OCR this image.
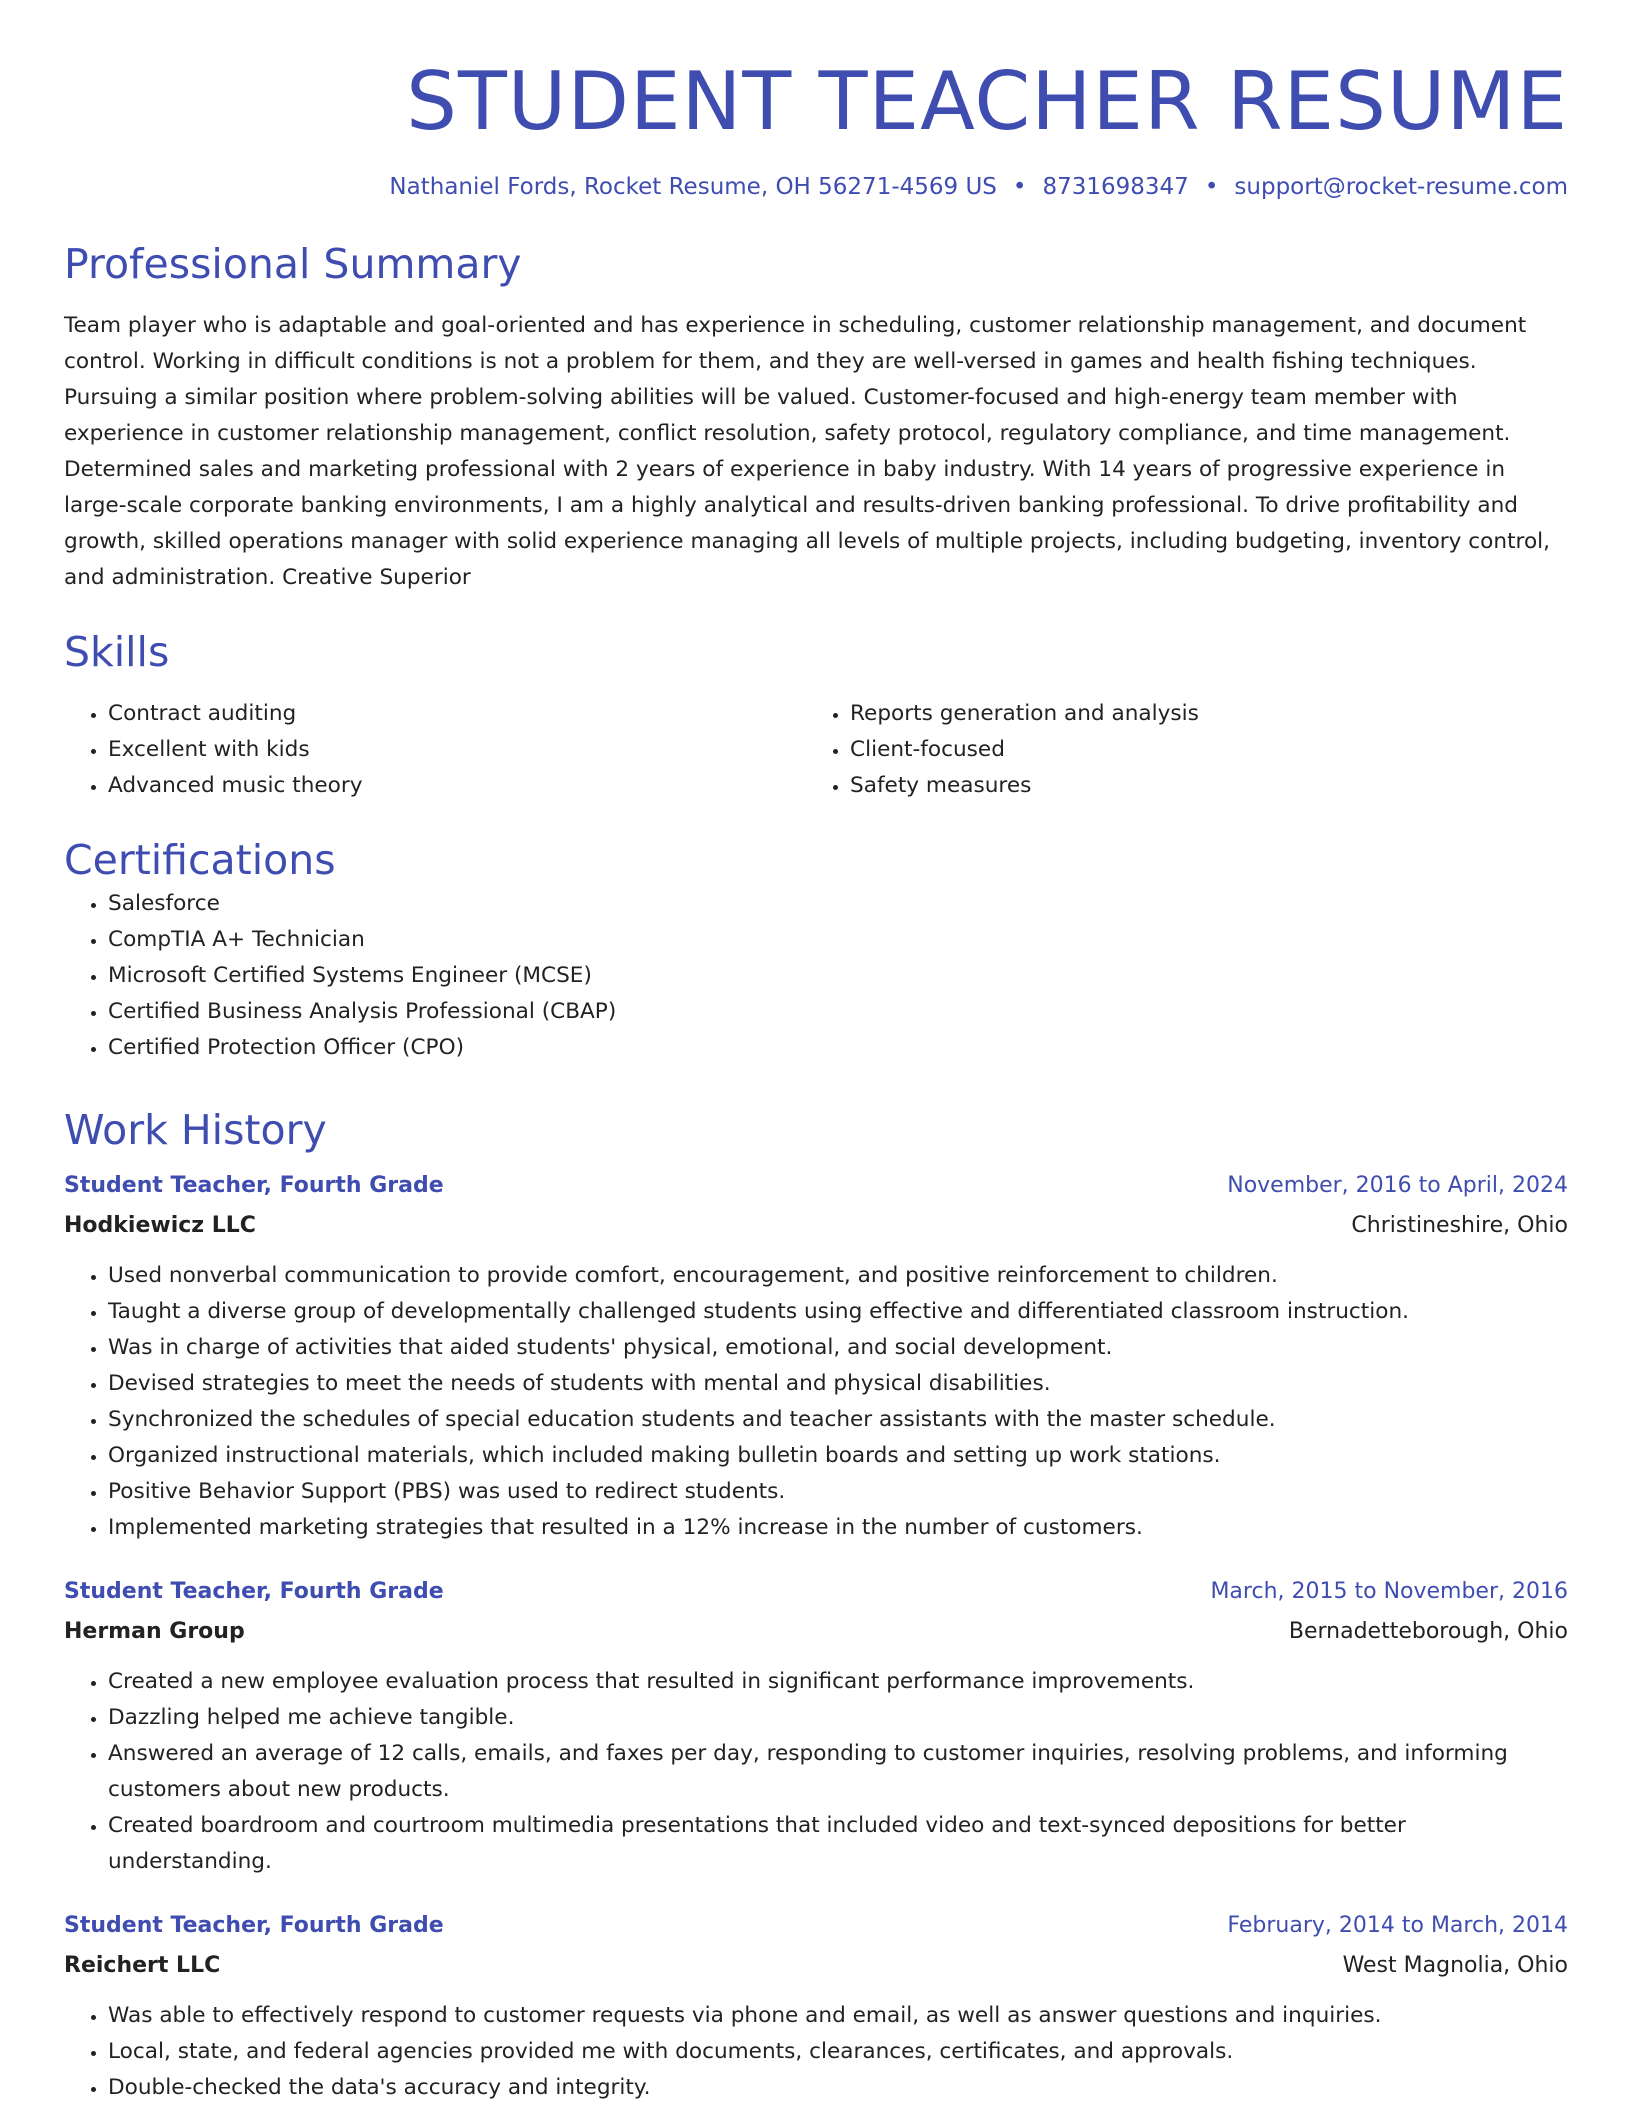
STUDENT TEACHER RESUME
Nathaniel Fords, Rocket Resume, OH 56271-4569 US • 8731698347 • support@rocket-resume.com
Professional Summary
Team player who is adaptable and goal-oriented and has experience in scheduling, customer relationship management, and document control. Working in difficult conditions is not a problem for them, and they are well-versed in games and health fishing techniques. Pursuing a similar position where problem-solving abilities will be valued. Customer-focused and high-energy team member with experience in customer relationship management, conflict resolution, safety protocol, regulatory compliance, and time management. Determined sales and marketing professional with 2 years of experience in baby industry. With 14 years of progressive experience in large-scale corporate banking environments, I am a highly analytical and results-driven banking professional. To drive profitability and growth, skilled operations manager with solid experience managing all levels of multiple projects, including budgeting, inventory control, and administration. Creative Superior
Skills
• Contract auditing
• Excellent with kids
• Advanced music theory
• Reports generation and analysis
• Client-focused
• Safety measures
Certifications
• Salesforce
• CompTIA A+ Technician
• Microsoft Certified Systems Engineer (MCSE)
• Certified Business Analysis Professional (CBAP)
• Certified Protection Officer (CPO)
Work History
Student Teacher, Fourth Grade	November, 2016 to April, 2024
Hodkiewicz LLC	Christineshire, Ohio
• Used nonverbal communication to provide comfort, encouragement, and positive reinforcement to children.
• Taught a diverse group of developmentally challenged students using effective and differentiated classroom instruction.
• Was in charge of activities that aided students' physical, emotional, and social development.
• Devised strategies to meet the needs of students with mental and physical disabilities.
• Synchronized the schedules of special education students and teacher assistants with the master schedule.
• Organized instructional materials, which included making bulletin boards and setting up work stations.
• Positive Behavior Support (PBS) was used to redirect students.
• Implemented marketing strategies that resulted in a 12% increase in the number of customers.
Student Teacher, Fourth Grade	March, 2015 to November, 2016
Herman Group	Bernadetteborough, Ohio
• Created a new employee evaluation process that resulted in significant performance improvements.
• Dazzling helped me achieve tangible.
• Answered an average of 12 calls, emails, and faxes per day, responding to customer inquiries, resolving problems, and informing customers about new products.
• Created boardroom and courtroom multimedia presentations that included video and text-synced depositions for better understanding.
Student Teacher, Fourth Grade	February, 2014 to March, 2014
Reichert LLC	West Magnolia, Ohio
• Was able to effectively respond to customer requests via phone and email, as well as answer questions and inquiries.
• Local, state, and federal agencies provided me with documents, clearances, certificates, and approvals.
• Double-checked the data's accuracy and integrity.
